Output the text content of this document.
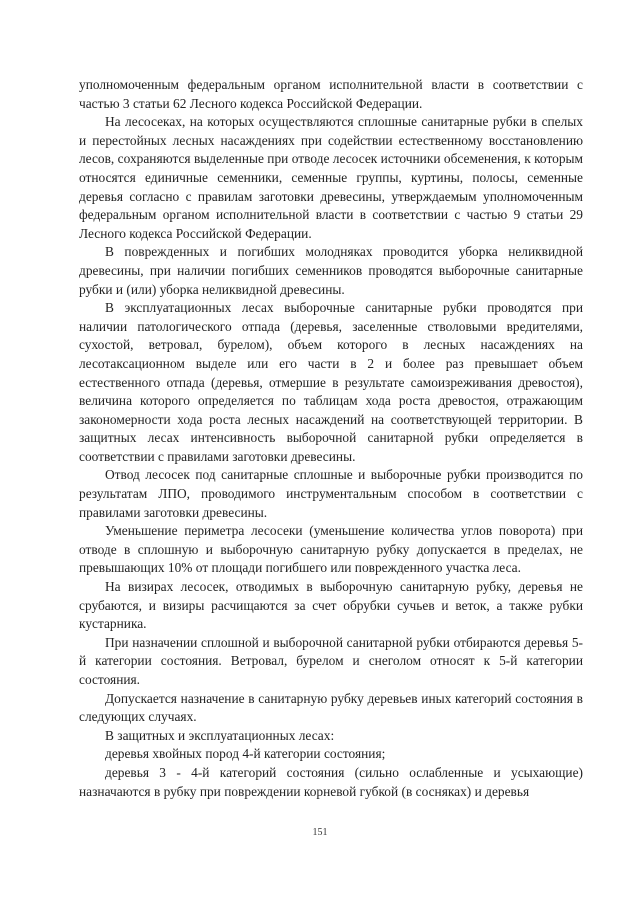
уполномоченным федеральным органом исполнительной власти в соответствии с частью 3 статьи 62 Лесного кодекса Российской Федерации.

На лесосеках, на которых осуществляются сплошные санитарные рубки в спелых и перестойных лесных насаждениях при содействии естественному восстановлению лесов, сохраняются выделенные при отводе лесосек источники обсеменения, к которым относятся единичные семенники, семенные группы, куртины, полосы, семенные деревья согласно с правилам заготовки древесины, утверждаемым уполномоченным федеральным органом исполнительной власти в соответствии с частью 9 статьи 29 Лесного кодекса Российской Федерации.

В поврежденных и погибших молодняках проводится уборка неликвидной древесины, при наличии погибших семенников проводятся выборочные санитарные рубки и (или) уборка неликвидной древесины.

В эксплуатационных лесах выборочные санитарные рубки проводятся при наличии патологического отпада (деревья, заселенные стволовыми вредителями, сухостой, ветровал, бурелом), объем которого в лесных насаждениях на лесотаксационном выделе или его части в 2 и более раз превышает объем естественного отпада (деревья, отмершие в результате самоизреживания древостоя), величина которого определяется по таблицам хода роста древостоя, отражающим закономерности хода роста лесных насаждений на соответствующей территории. В защитных лесах интенсивность выборочной санитарной рубки определяется в соответствии с правилами заготовки древесины.

Отвод лесосек под санитарные сплошные и выборочные рубки производится по результатам ЛПО, проводимого инструментальным способом в соответствии с правилами заготовки древесины.

Уменьшение периметра лесосеки (уменьшение количества углов поворота) при отводе в сплошную и выборочную санитарную рубку допускается в пределах, не превышающих 10% от площади погибшего или поврежденного участка леса.

На визирах лесосек, отводимых в выборочную санитарную рубку, деревья не срубаются, и визиры расчищаются за счет обрубки сучьев и веток, а также рубки кустарника.

При назначении сплошной и выборочной санитарной рубки отбираются деревья 5-й категории состояния. Ветровал, бурелом и снеголом относят к 5-й категории состояния.

Допускается назначение в санитарную рубку деревьев иных категорий состояния в следующих случаях.

В защитных и эксплуатационных лесах:

деревья хвойных пород 4-й категории состояния;

деревья 3 - 4-й категорий состояния (сильно ослабленные и усыхающие) назначаются в рубку при повреждении корневой губкой (в сосняках) и деревья

151
